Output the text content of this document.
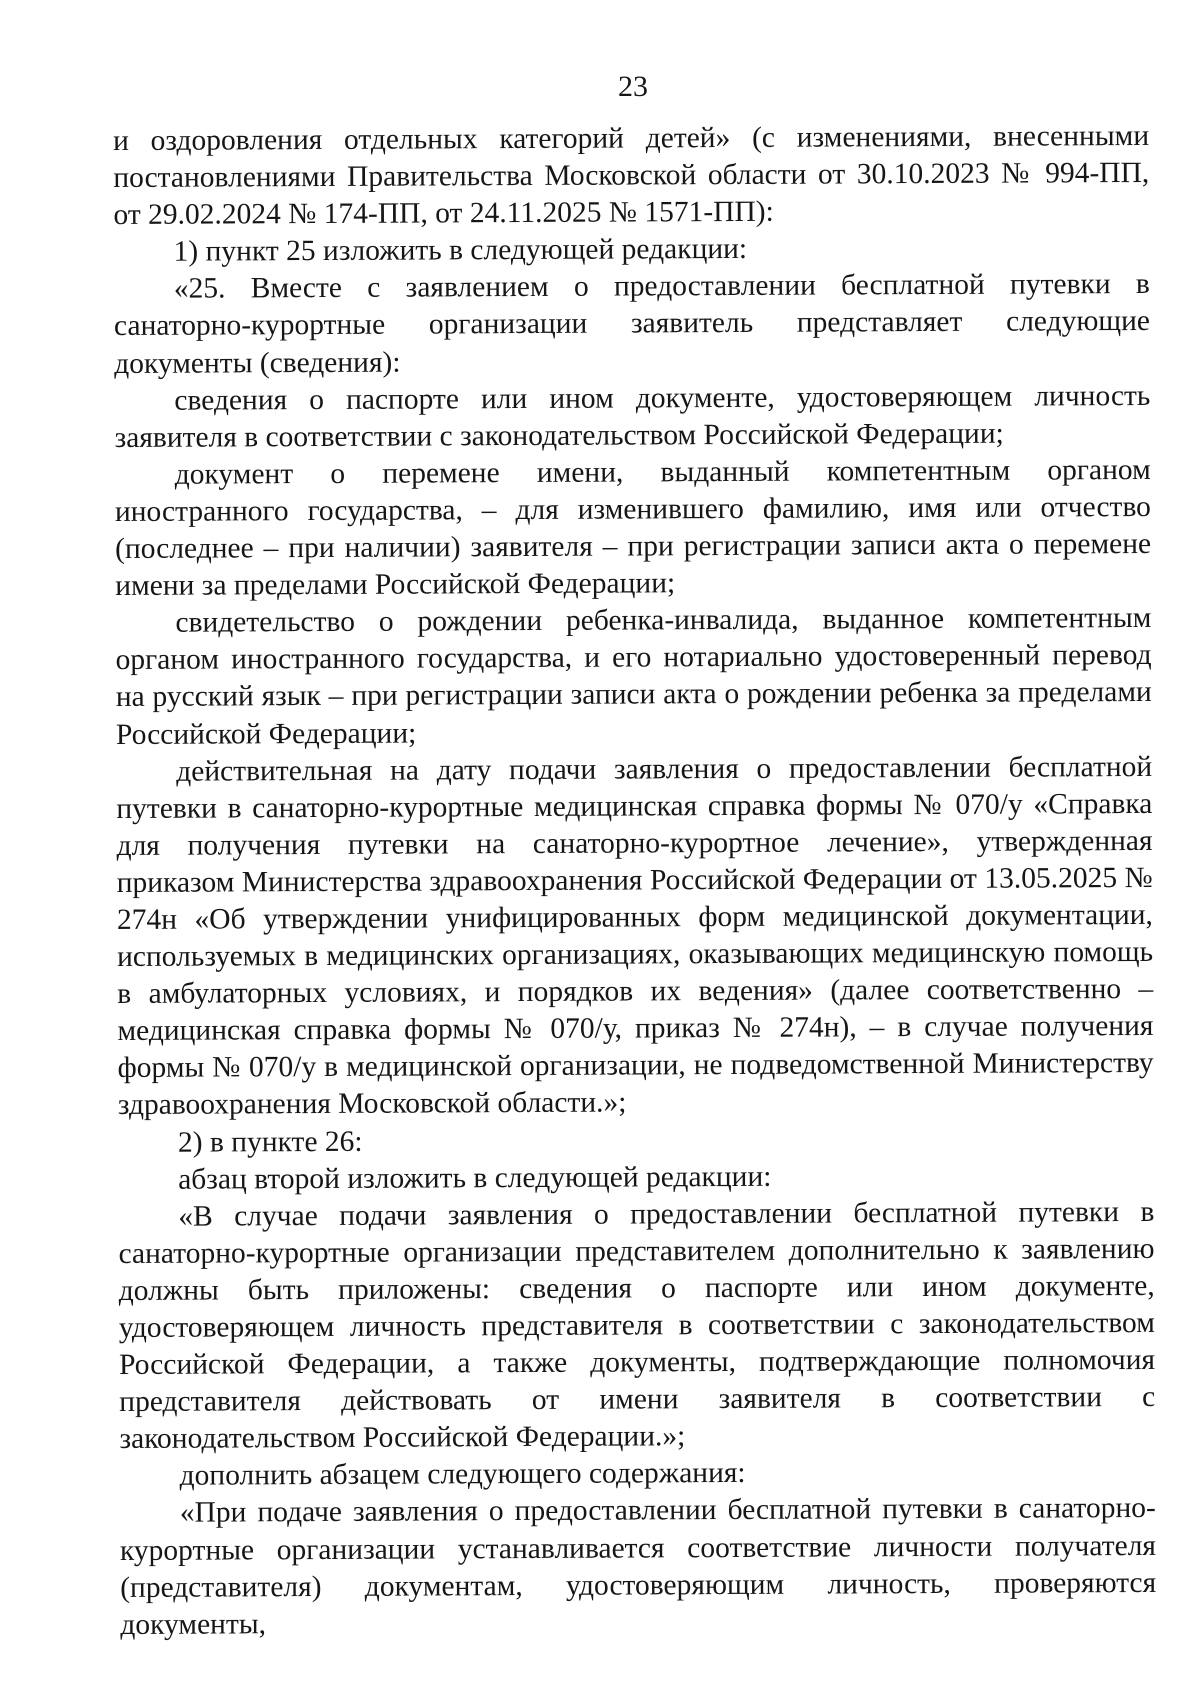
23

и оздоровления отдельных категорий детей» (с изменениями, внесенными постановлениями Правительства Московской области от 30.10.2023 № 994-ПП, от 29.02.2024 № 174-ПП, от 24.11.2025 № 1571-ПП):

1) пункт 25 изложить в следующей редакции:

«25. Вместе с заявлением о предоставлении бесплатной путевки в санаторно-курортные организации заявитель представляет следующие документы (сведения):

сведения о паспорте или ином документе, удостоверяющем личность заявителя в соответствии с законодательством Российской Федерации;

документ о перемене имени, выданный компетентным органом иностранного государства, – для изменившего фамилию, имя или отчество (последнее – при наличии) заявителя – при регистрации записи акта о перемене имени за пределами Российской Федерации;

свидетельство о рождении ребенка-инвалида, выданное компетентным органом иностранного государства, и его нотариально удостоверенный перевод на русский язык – при регистрации записи акта о рождении ребенка за пределами Российской Федерации;

действительная на дату подачи заявления о предоставлении бесплатной путевки в санаторно-курортные медицинская справка формы № 070/у «Справка для получения путевки на санаторно-курортное лечение», утвержденная приказом Министерства здравоохранения Российской Федерации от 13.05.2025 № 274н «Об утверждении унифицированных форм медицинской документации, используемых в медицинских организациях, оказывающих медицинскую помощь в амбулаторных условиях, и порядков их ведения» (далее соответственно – медицинская справка формы № 070/у, приказ № 274н), – в случае получения формы № 070/у в медицинской организации, не подведомственной Министерству здравоохранения Московской области.»;

2) в пункте 26:

абзац второй изложить в следующей редакции:

«В случае подачи заявления о предоставлении бесплатной путевки в санаторно-курортные организации представителем дополнительно к заявлению должны быть приложены: сведения о паспорте или ином документе, удостоверяющем личность представителя в соответствии с законодательством Российской Федерации, а также документы, подтверждающие полномочия представителя действовать от имени заявителя в соответствии с законодательством Российской Федерации.»;

дополнить абзацем следующего содержания:

«При подаче заявления о предоставлении бесплатной путевки в санаторно-курортные организации устанавливается соответствие личности получателя (представителя) документам, удостоверяющим личность, проверяются документы,
